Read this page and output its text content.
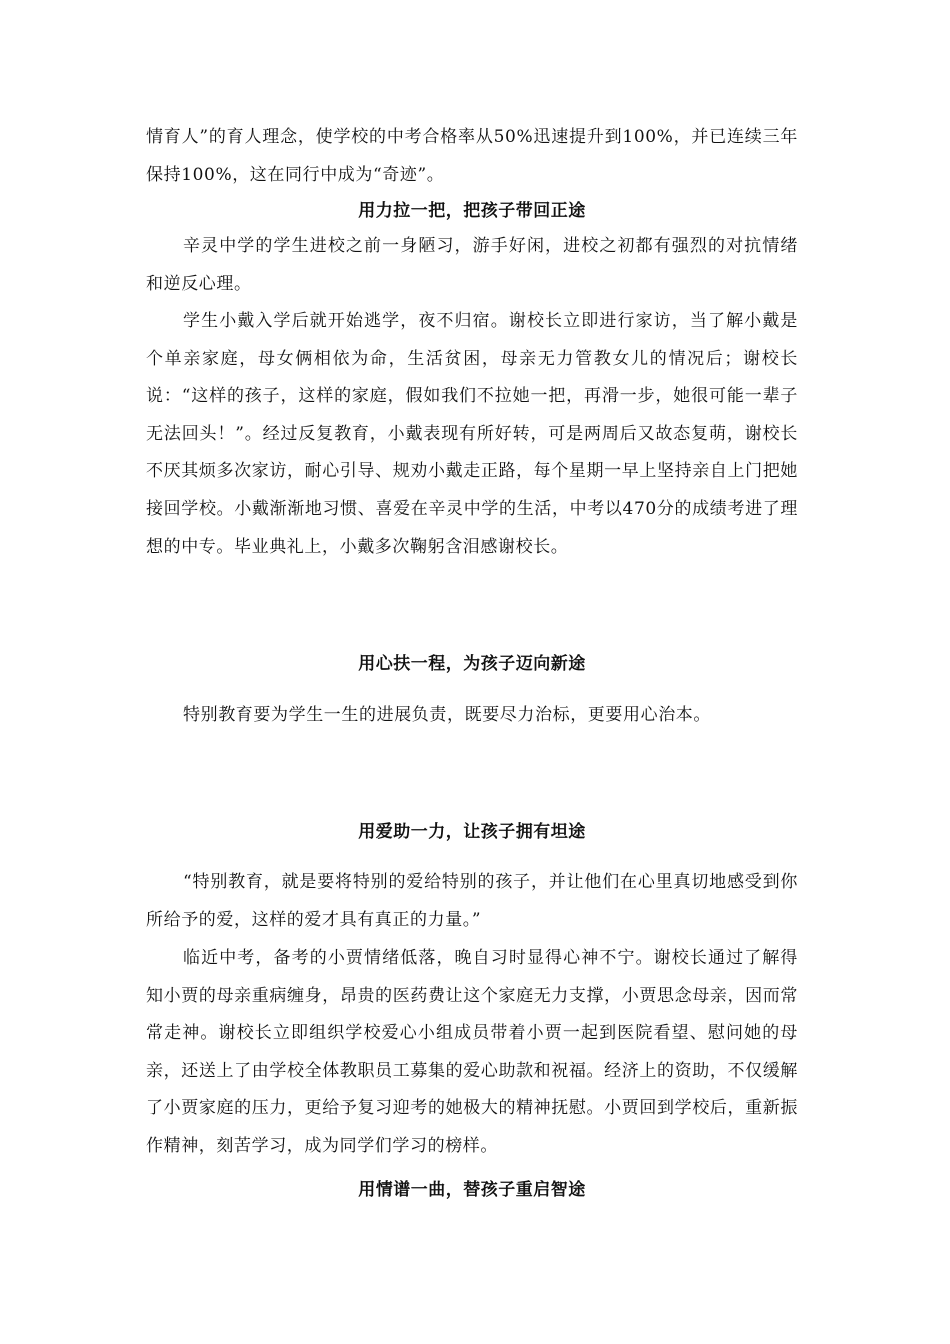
情育人”的育人理念，使学校的中考合格率从50%迅速提升到100%，并已连续三年保持100%，这在同行中成为“奇迹”。

用力拉一把，把孩子带回正途

辛灵中学的学生进校之前一身陋习，游手好闲，进校之初都有强烈的对抗情绪和逆反心理。

学生小戴入学后就开始逃学，夜不归宿。谢校长立即进行家访，当了解小戴是个单亲家庭，母女俩相依为命，生活贫困，母亲无力管教女儿的情况后；谢校长说：“这样的孩子，这样的家庭，假如我们不拉她一把，再滑一步，她很可能一辈子无法回头！”。经过反复教育，小戴表现有所好转，可是两周后又故态复萌，谢校长不厌其烦多次家访，耐心引导、规劝小戴走正路，每个星期一早上坚持亲自上门把她接回学校。小戴渐渐地习惯、喜爱在辛灵中学的生活，中考以470分的成绩考进了理想的中专。毕业典礼上，小戴多次鞠躬含泪感谢校长。

用心扶一程，为孩子迈向新途

特别教育要为学生一生的进展负责，既要尽力治标，更要用心治本。

用爱助一力，让孩子拥有坦途

“特别教育，就是要将特别的爱给特别的孩子，并让他们在心里真切地感受到你所给予的爱，这样的爱才具有真正的力量。”

临近中考，备考的小贾情绪低落，晚自习时显得心神不宁。谢校长通过了解得知小贾的母亲重病缠身，昂贵的医药费让这个家庭无力支撑，小贾思念母亲，因而常常走神。谢校长立即组织学校爱心小组成员带着小贾一起到医院看望、慰问她的母亲，还送上了由学校全体教职员工募集的爱心助款和祝福。经济上的资助，不仅缓解了小贾家庭的压力，更给予复习迎考的她极大的精神抚慰。小贾回到学校后，重新振作精神，刻苦学习，成为同学们学习的榜样。

用情谱一曲，替孩子重启智途
